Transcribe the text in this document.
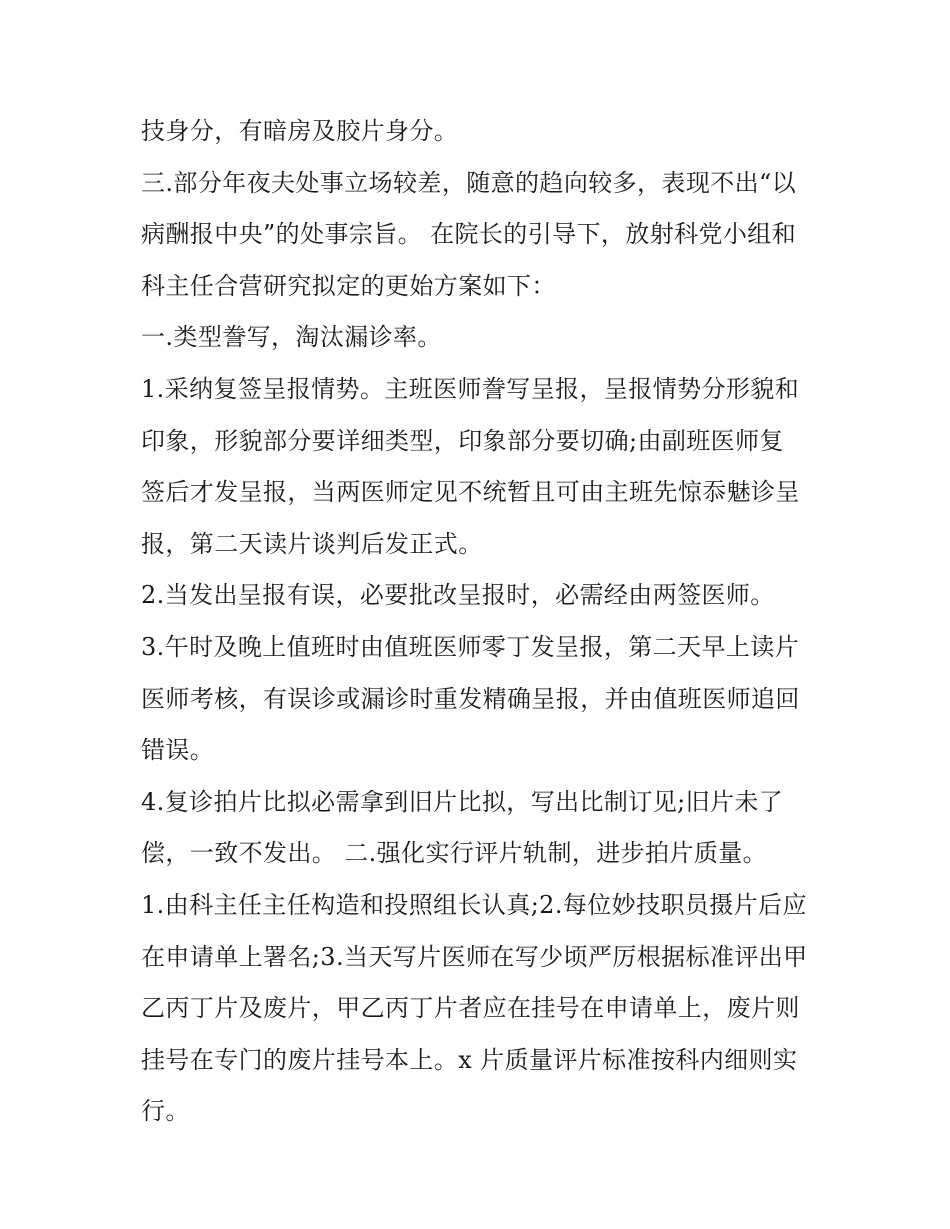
技身分，有暗房及胶片身分。

三.部分年夜夫处事立场较差，随意的趋向较多，表现不出“以

病酬报中央”的处事宗旨。 在院长的引导下，放射科党小组和

科主任合营研究拟定的更始方案如下：

一.类型誊写，淘汰漏诊率。

1.采纳复签呈报情势。主班医师誊写呈报，呈报情势分形貌和

印象，形貌部分要详细类型，印象部分要切确;由副班医师复

签后才发呈报，当两医师定见不统暂且可由主班先惊忝魅诊呈

报，第二天读片谈判后发正式。

2.当发出呈报有误，必要批改呈报时，必需经由两签医师。

3.午时及晚上值班时由值班医师零丁发呈报，第二天早上读片

医师考核，有误诊或漏诊时重发精确呈报，并由值班医师追回

错误。

4.复诊拍片比拟必需拿到旧片比拟，写出比制订见;旧片未了

偿，一致不发出。 二.强化实行评片轨制，进步拍片质量。

1.由科主任主任构造和投照组长认真;2.每位妙技职员摄片后应

在申请单上署名;3.当天写片医师在写少顷严厉根据标准评出甲

乙丙丁片及废片，甲乙丙丁片者应在挂号在申请单上，废片则

挂号在专门的废片挂号本上。x 片质量评片标准按科内细则实

行。
